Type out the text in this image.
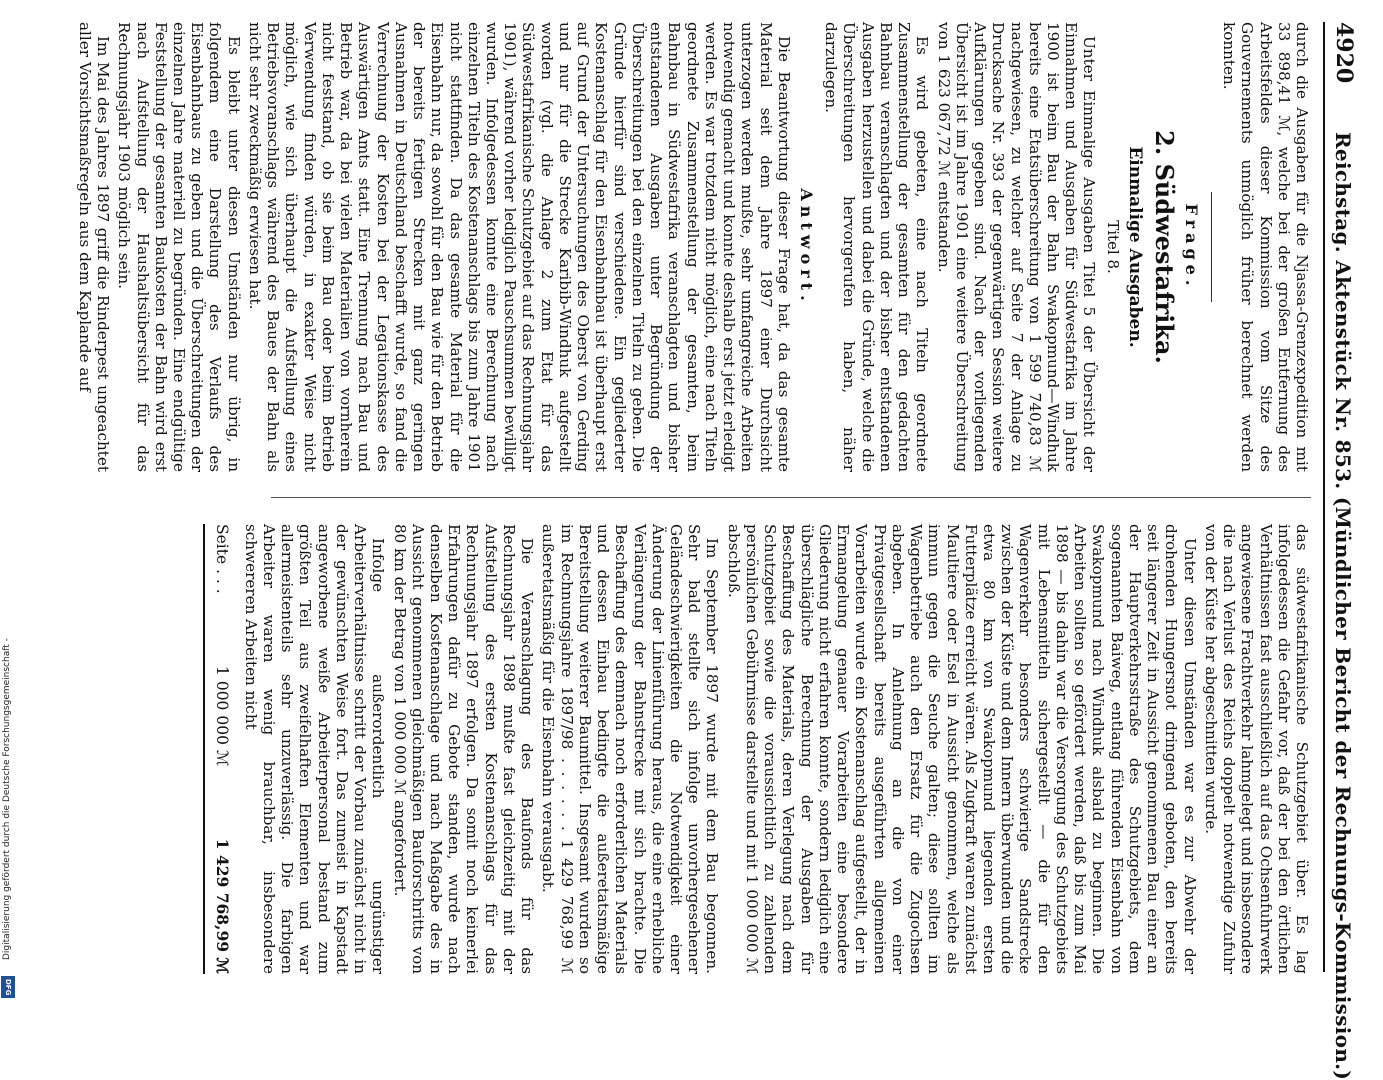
Digitalisierung gefördert durch die Deutsche Forschungsgemeinschaft -
DFG
4920
Reichstag. Aktenstück Nr. 853. (Mündlicher Bericht der Rechnungs-Kommission.)

durch die Ausgaben für die Njassa-Grenzexpedition mit 33 898,41 ℳ, welche bei der großen Entfernung des Arbeitsfeldes dieser Kommission vom Sitze des Gouvernements unmöglich früher berechnet werden konnten.

Frage.
2. Südwestafrika.
Einmalige Ausgaben.
Titel 8.

Unter Einmalige Ausgaben Titel 5 der Übersicht der Einnahmen und Ausgaben für Südwestafrika im Jahre 1900 ist beim Bau der Bahn Swakopmund—Windhuk bereits eine Etatsüberschreitung von 1 599 740,83 ℳ nachgewiesen, zu welcher auf Seite 7 der Anlage zu Drucksache Nr. 393 der gegenwärtigen Session weitere Aufklärungen gegeben sind. Nach der vorliegenden Übersicht ist im Jahre 1901 eine weitere Überschreitung von 1 623 067,72 ℳ entstanden.

Es wird gebeten, eine nach Titeln geordnete Zusammenstellung der gesamten für den gedachten Bahnbau veranschlagten und der bisher entstandenen Ausgaben herzustellen und dabei die Gründe, welche die Überschreitungen hervorgerufen haben, näher darzulegen.

Antwort.

Die Beantwortung dieser Frage hat, da das gesamte Material seit dem Jahre 1897 einer Durchsicht unterzogen werden mußte, sehr umfangreiche Arbeiten notwendig gemacht und konnte deshalb erst jetzt erledigt werden. Es war trotzdem nicht möglich, eine nach Titeln geordnete Zusammenstellung der gesamten, beim Bahnbau in Südwestafrika veranschlagten und bisher entstandenen Ausgaben unter Begründung der Überschreitungen bei den einzelnen Titeln zu geben. Die Gründe hierfür sind verschiedene. Ein gegliederter Kostenanschlag für den Eisenbahnbau ist überhaupt erst auf Grund der Untersuchungen des Oberst von Gerding und nur für die Strecke Karibib-Windhuk aufgestellt worden (vgl. die Anlage 2 zum Etat für das Südwestafrikanische Schutzgebiet auf das Rechnungsjahr 1901), während vorher lediglich Pauschsummen bewilligt wurden. Infolgedessen konnte eine Berechnung nach einzelnen Titeln des Kostenanschlags bis zum Jahre 1901 nicht stattfinden. Da das gesamte Material für die Eisenbahn nur, da sowohl für den Bau wie für den Betrieb der bereits fertigen Strecken mit ganz geringen Ausnahmen in Deutschland beschafft wurde, so fand die Verrechnung der Kosten bei der Legationskasse des Auswärtigen Amts statt. Eine Trennung nach Bau und Betrieb war, da bei vielen Materialien von vornherein nicht feststand, ob sie beim Bau oder beim Betrieb Verwendung finden würden, in exakter Weise nicht möglich, wie sich überhaupt die Aufstellung eines Betriebsvoranschlags während des Baues der Bahn als nicht sehr zweckmäßig erwiesen hat.

Es bleibt unter diesen Umständen nur übrig, in folgendem eine Darstellung des Verlaufs des Eisenbahnbaus zu geben und die Überschreitungen der einzelnen Jahre materiell zu begründen. Eine endgültige Feststellung der gesamten Baukosten der Bahn wird erst nach Aufstellung der Haushaltsübersicht für das Rechnungsjahr 1903 möglich sein.

Im Mai des Jahres 1897 griff die Rinderpest ungeachtet aller Vorsichtsmaßregeln aus dem Kaplande auf

das südwestafrikanische Schutzgebiet über. Es lag infolgedessen die Gefahr vor, daß der bei den örtlichen Verhältnissen fast ausschließlich auf das Ochsenfuhrwerk angewiesene Frachtverkehr lahmgelegt und insbesondere die nach Verlust des Reichs doppelt notwendige Zufuhr von der Küste her abgeschnitten wurde.

Unter diesen Umständen war es zur Abwehr der drohenden Hungersnot dringend geboten, den bereits seit längerer Zeit in Aussicht genommenen Bau einer an der Hauptverkehrsstraße des Schutzgebiets, dem sogenannten Baiweg, entlang führenden Eisenbahn von Swakopmund nach Windhuk alsbald zu beginnen. Die Arbeiten sollten so gefördert werden, daß bis zum Mai 1898 — bis dahin war die Versorgung des Schutzgebiets mit Lebensmitteln sichergestellt — die für den Wagenverkehr besonders schwierige Sandstrecke zwischen der Küste und dem Innern überwunden und die etwa 80 km von Swakopmund liegenden ersten Futterplätze erreicht wären. Als Zugkraft waren zunächst Maultiere oder Esel in Aussicht genommen, welche als immun gegen die Seuche galten; diese sollten im Wagenbetriebe auch den Ersatz für die Zugochsen abgeben. In Anlehnung an die von einer Privatgesellschaft bereits ausgeführten allgemeinen Vorarbeiten wurde ein Kostenanschlag aufgestellt, der in Ermangelung genauer Vorarbeiten eine besondere Gliederung nicht erfahren konnte, sondern lediglich eine überschlägliche Berechnung der Ausgaben für Beschaffung des Materials, deren Verlegung nach dem Schutzgebiet sowie die voraussichtlich zu zahlenden persönlichen Gebührnisse darstellte und mit 1 000 000 ℳ abschloß.

Im September 1897 wurde mit dem Bau begonnen. Sehr bald stellte sich infolge unvorhergesehener Geländeschwierigkeiten die Notwendigkeit einer Änderung der Linienführung heraus, die eine erhebliche Verlängerung der Bahnstrecke mit sich brachte. Die Beschaffung des demnach noch erforderlichen Materials und dessen Einbau bedingte die außeretatsmäßige Bereitstellung weiterer Baumittel. Insgesamt wurden so im Rechnungsjahre 1897/98 . . . . . . 1 429 768,99 ℳ außeretatsmäßig für die Eisenbahn verausgabt.

Die Veranschlagung des Baufonds für das Rechnungsjahr 1898 mußte fast gleichzeitig mit der Aufstellung des ersten Kostenanschlags für das Rechnungsjahr 1897 erfolgen. Da somit noch keinerlei Erfahrungen dafür zu Gebote standen, wurde nach denselben Kostenanschlage und nach Maßgabe des in Aussicht genommenen gleichmäßigen Bauforschritts von 80 km der Betrag von 1 000 000 ℳ angefordert.

Infolge außerordentlich ungünstiger Arbeiterverhältnisse schritt der Vorbau zunächst nicht in der gewünschten Weise fort. Das zumeist in Kapstadt angeworbene weiße Arbeiterpersonal bestand zum größten Teil aus zweifelhaften Elementen und war allermeistenteils sehr unzuverlässig. Die farbigen Arbeiter waren wenig brauchbar, insbesondere schwereren Arbeiten nicht

Seite . . .
1 000 000 ℳ
1 429 768,99 ℳ
